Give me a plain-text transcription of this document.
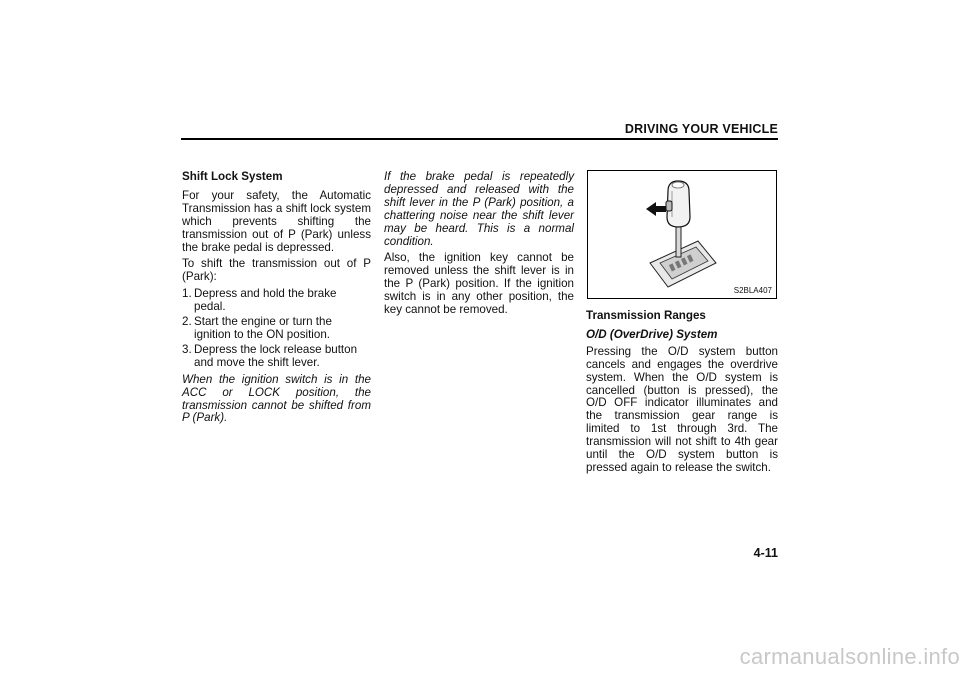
DRIVING YOUR VEHICLE

Shift Lock System

For your safety, the Automatic Transmission has a shift lock system which prevents shifting the transmission out of P (Park) unless the brake pedal is depressed.

To shift the transmission out of P (Park):

1. Depress and hold the brake pedal.
2. Start the engine or turn the ignition to the ON position.
3. Depress the lock release button and move the shift lever.

When the ignition switch is in the ACC or LOCK position, the transmission cannot be shifted from P (Park).

If the brake pedal is repeatedly depressed and released with the shift lever in the P (Park) position, a chattering noise near the shift lever may be heard. This is a normal condition.

Also, the ignition key cannot be removed unless the shift lever is in the P (Park) position. If the ignition switch is in any other position, the key cannot be removed.

S2BLA407

Transmission Ranges

O/D (OverDrive) System

Pressing the O/D system button cancels and engages the overdrive system. When the O/D system is cancelled (button is pressed), the O/D OFF indicator illuminates and the transmission gear range is limited to 1st through 3rd. The transmission will not shift to 4th gear until the O/D system button is pressed again to release the switch.

4-11
carmanualsonline.info
